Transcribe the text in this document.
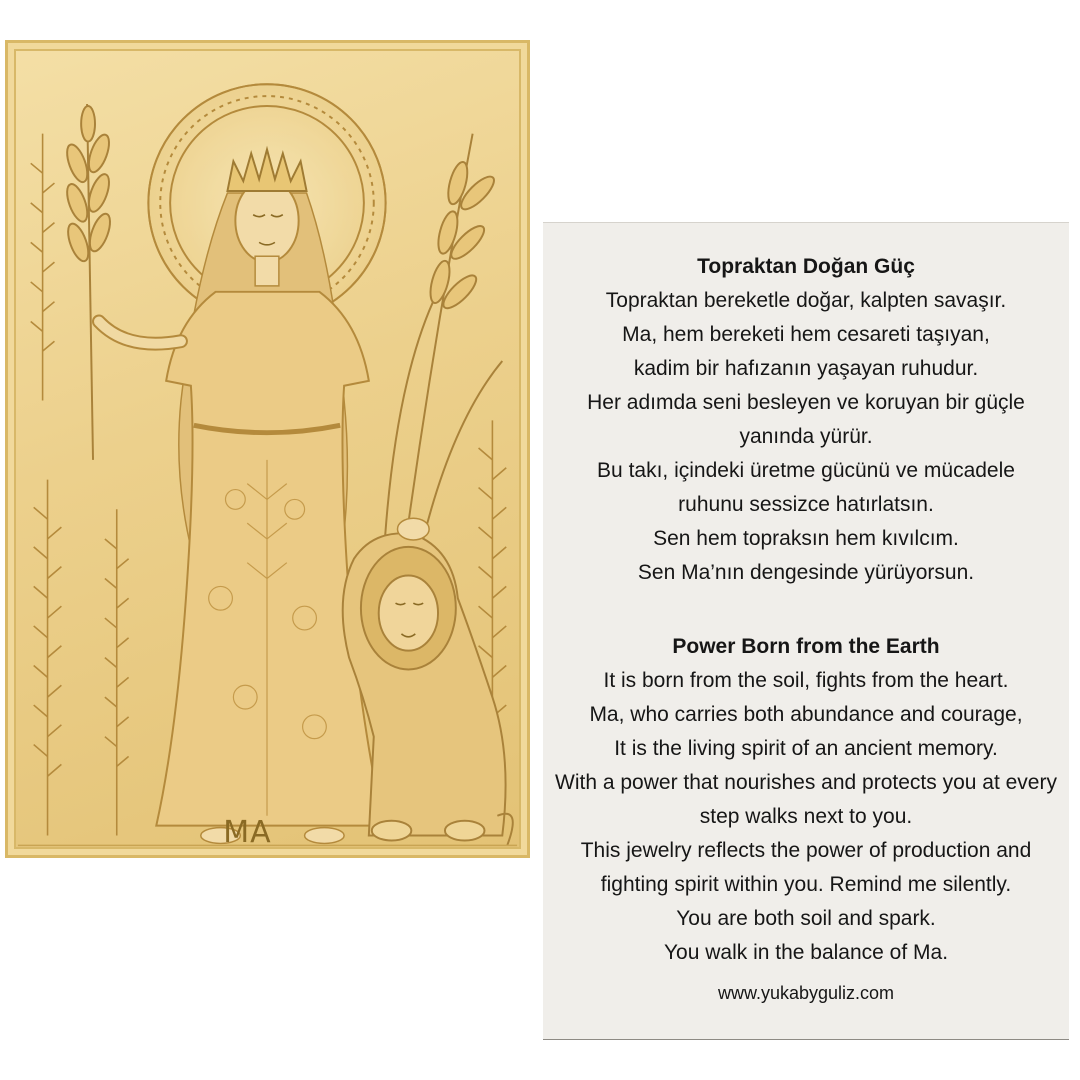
MA

Topraktan Doğan Güç

Topraktan bereketle doğar, kalpten savaşır.

Ma, hem bereketi hem cesareti taşıyan,

kadim bir hafızanın yaşayan ruhudur.

Her adımda seni besleyen ve koruyan bir güçle

yanında yürür.

Bu takı, içindeki üretme gücünü ve mücadele

ruhunu sessizce hatırlatsın.

Sen hem topraksın hem kıvılcım.

Sen Ma’nın dengesinde yürüyorsun.

Power Born from the Earth

It is born from the soil, fights from the heart.

Ma, who carries both abundance and courage,

It is the living spirit of an ancient memory.

With a power that nourishes and protects you at every

step walks next to you.

This jewelry reflects the power of production and

fighting spirit within you. Remind me silently.

You are both soil and spark.

You walk in the balance of Ma.

www.yukabyguliz.com
